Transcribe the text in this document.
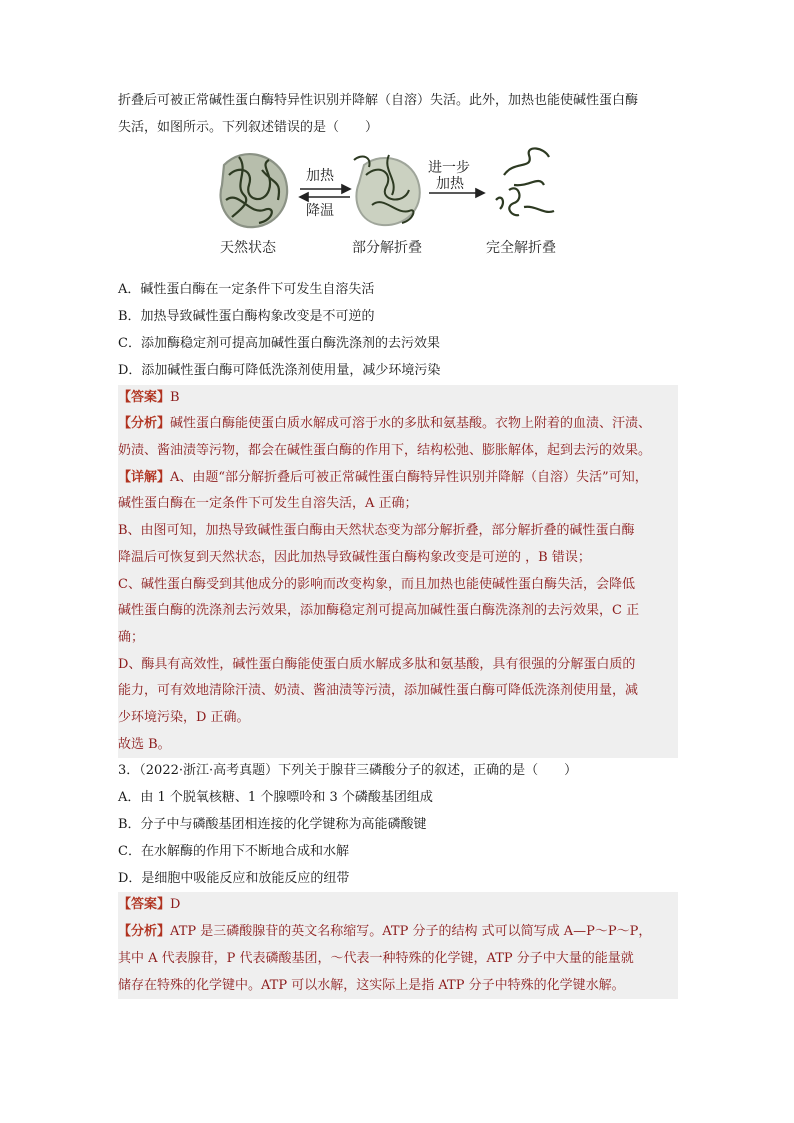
折叠后可被正常碱性蛋白酶特异性识别并降解（自溶）失活。此外，加热也能使碱性蛋白酶
失活，如图所示。下列叙述错误的是（　　）
加热
降温
进一步
加热
天然状态	部分解折叠	完全解折叠
A．碱性蛋白酶在一定条件下可发生自溶失活
B．加热导致碱性蛋白酶构象改变是不可逆的
C．添加酶稳定剂可提高加碱性蛋白酶洗涤剂的去污效果
D．添加碱性蛋白酶可降低洗涤剂使用量，减少环境污染
【答案】B
【分析】碱性蛋白酶能使蛋白质水解成可溶于水的多肽和氨基酸。衣物上附着的血渍、汗渍、
奶渍、酱油渍等污物，都会在碱性蛋白酶的作用下，结构松弛、膨胀解体，起到去污的效果。
【详解】A、由题“部分解折叠后可被正常碱性蛋白酶特异性识别并降解（自溶）失活”可知，
碱性蛋白酶在一定条件下可发生自溶失活，A 正确；
B、由图可知，加热导致碱性蛋白酶由天然状态变为部分解折叠，部分解折叠的碱性蛋白酶
降温后可恢复到天然状态，因此加热导致碱性蛋白酶构象改变是可逆的 ，B 错误；
C、碱性蛋白酶受到其他成分的影响而改变构象，而且加热也能使碱性蛋白酶失活，会降低
碱性蛋白酶的洗涤剂去污效果，添加酶稳定剂可提高加碱性蛋白酶洗涤剂的去污效果，C 正
确；
D、酶具有高效性，碱性蛋白酶能使蛋白质水解成多肽和氨基酸，具有很强的分解蛋白质的
能力，可有效地清除汗渍、奶渍、酱油渍等污渍，添加碱性蛋白酶可降低洗涤剂使用量，减
少环境污染，D 正确。
故选 B。
3．（2022·浙江·高考真题）下列关于腺苷三磷酸分子的叙述，正确的是（　　）
A．由 1 个脱氧核糖、1 个腺嘌呤和 3 个磷酸基团组成
B．分子中与磷酸基团相连接的化学键称为高能磷酸键
C．在水解酶的作用下不断地合成和水解
D．是细胞中吸能反应和放能反应的纽带
【答案】D
【分析】ATP 是三磷酸腺苷的英文名称缩写。ATP 分子的结构 式可以简写成 A—P～P～P，
其中 A 代表腺苷，P 代表磷酸基团，～代表一种特殊的化学键，ATP 分子中大量的能量就
储存在特殊的化学键中。ATP 可以水解，这实际上是指 ATP 分子中特殊的化学键水解。
